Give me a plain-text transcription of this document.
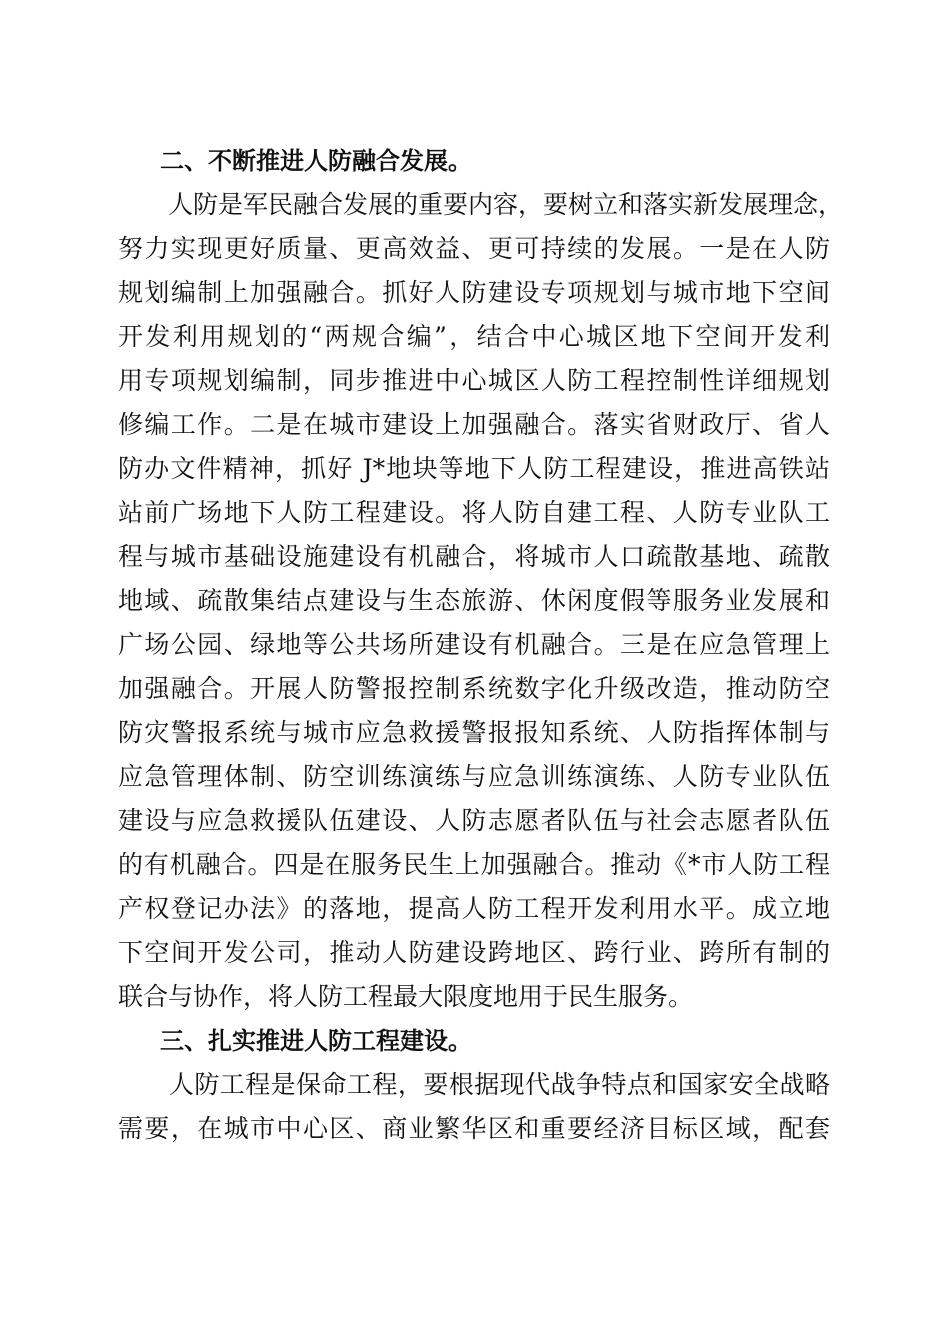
二、不断推进人防融合发展。
　　人防是军民融合发展的重要内容，要树立和落实新发展理念，
努力实现更好质量、更高效益、更可持续的发展。一是在人防
规划编制上加强融合。抓好人防建设专项规划与城市地下空间
开发利用规划的“两规合编”，结合中心城区地下空间开发利
用专项规划编制，同步推进中心城区人防工程控制性详细规划
修编工作。二是在城市建设上加强融合。落实省财政厅、省人
防办文件精神，抓好 J*地块等地下人防工程建设，推进高铁站
站前广场地下人防工程建设。将人防自建工程、人防专业队工
程与城市基础设施建设有机融合，将城市人口疏散基地、疏散
地域、疏散集结点建设与生态旅游、休闲度假等服务业发展和
广场公园、绿地等公共场所建设有机融合。三是在应急管理上
加强融合。开展人防警报控制系统数字化升级改造，推动防空
防灾警报系统与城市应急救援警报报知系统、人防指挥体制与
应急管理体制、防空训练演练与应急训练演练、人防专业队伍
建设与应急救援队伍建设、人防志愿者队伍与社会志愿者队伍
的有机融合。四是在服务民生上加强融合。推动《*市人防工程
产权登记办法》的落地，提高人防工程开发利用水平。成立地
下空间开发公司，推动人防建设跨地区、跨行业、跨所有制的
联合与协作，将人防工程最大限度地用于民生服务。
三、扎实推进人防工程建设。
　　人防工程是保命工程，要根据现代战争特点和国家安全战略
需要，在城市中心区、商业繁华区和重要经济目标区域，配套
